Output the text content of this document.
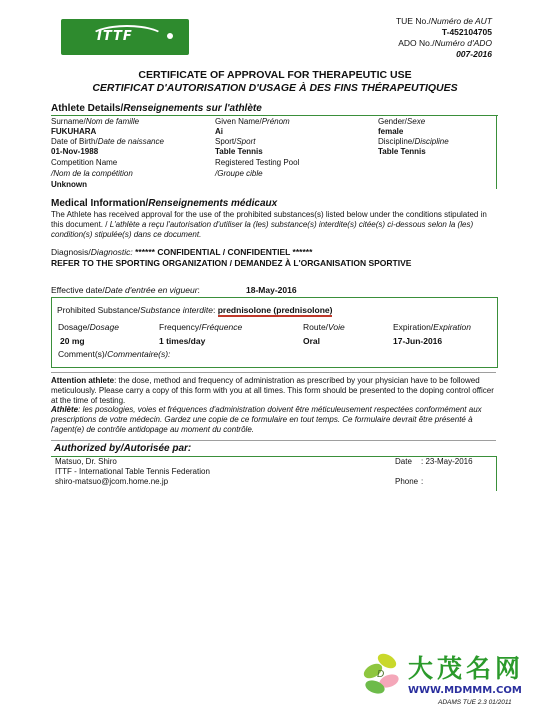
ITTF
TUE No./Numéro de AUT
T-452104705
ADO No./Numéro d'ADO
007-2016
CERTIFICATE OF APPROVAL FOR THERAPEUTIC USE
CERTIFICAT D'AUTORISATION D'USAGE À DES FINS THÉRAPEUTIQUES
Athlete Details/Renseignements sur l'athlète
Surname/Nom de famille
FUKUHARA
Given Name/Prénom
Ai
Gender/Sexe
female
Date of Birth/Date de naissance
01-Nov-1988
Sport/Sport
Table Tennis
Discipline/Discipline
Table Tennis
Competition Name
/Nom de la compétition
Unknown
Registered Testing Pool
/Groupe cible
Medical Information/Renseignements médicaux
The Athlete has received approval for the use of the prohibited substances(s) listed below under the conditions stipulated in this document. / L'athlète a reçu l'autorisation d'utiliser la (les) substance(s) interdite(s) citée(s) ci-dessous selon la (les) condition(s) stipulée(s) dans ce document.
Diagnosis/Diagnostic: ****** CONFIDENTIAL / CONFIDENTIEL ******
REFER TO THE SPORTING ORGANIZATION / DEMANDEZ À L'ORGANISATION SPORTIVE
Effective date/Date d'entrée en vigueur:	18-May-2016
Prohibited Substance/Substance interdite: prednisolone (prednisolone)
Dosage/Dosage
20 mg
Frequency/Fréquence
1 times/day
Route/Voie
Oral
Expiration/Expiration
17-Jun-2016
Comment(s)/Commentaire(s):
Attention athlete: the dose, method and frequency of administration as prescribed by your physician have to be followed meticulously. Please carry a copy of this form with you at all times. This form should be presented to the doping control officer at the time of testing.
Athlète: les posologies, voies et fréquences d'administration doivent être méticuleusement respectées conformément aux prescriptions de votre médecin. Gardez une copie de ce formulaire en tout temps. Ce formulaire devrait être présenté à l'agent(e) de contrôle antidopage au moment du contrôle.
Authorized by/Autorisée par:
Matsuo, Dr. Shiro
ITTF - International Table Tennis Federation
shiro-matsuo@jcom.home.ne.jp
Date : 23-May-2016
Phone :
D 大茂名网
WWW.MDMMM.COM
ADAMS TUE 2.3 01/2011
